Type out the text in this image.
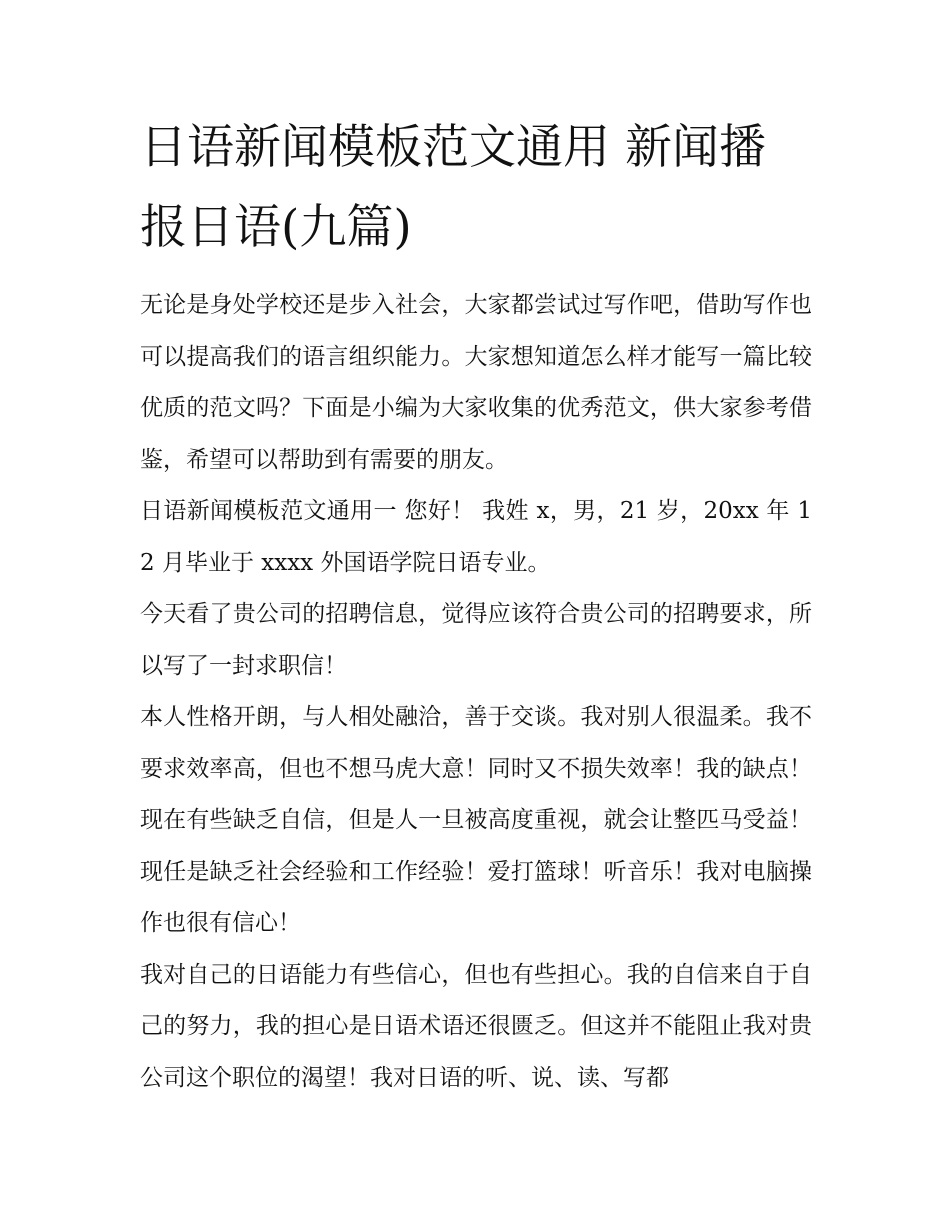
日语新闻模板范文通用 新闻播报日语(九篇)

无论是身处学校还是步入社会，大家都尝试过写作吧，借助写作也可以提高我们的语言组织能力。大家想知道怎么样才能写一篇比较优质的范文吗？下面是小编为大家收集的优秀范文，供大家参考借鉴，希望可以帮助到有需要的朋友。

日语新闻模板范文通用一 您好！ 我姓 x，男，21 岁，20xx 年 12 月毕业于 xxxx 外国语学院日语专业。

今天看了贵公司的招聘信息，觉得应该符合贵公司的招聘要求，所以写了一封求职信！

本人性格开朗，与人相处融洽，善于交谈。我对别人很温柔。我不要求效率高，但也不想马虎大意！同时又不损失效率！我的缺点！现在有些缺乏自信，但是人一旦被高度重视，就会让整匹马受益！现任是缺乏社会经验和工作经验！爱打篮球！听音乐！我对电脑操作也很有信心！

我对自己的日语能力有些信心，但也有些担心。我的自信来自于自己的努力，我的担心是日语术语还很匮乏。但这并不能阻止我对贵公司这个职位的渴望！我对日语的听、说、读、写都
